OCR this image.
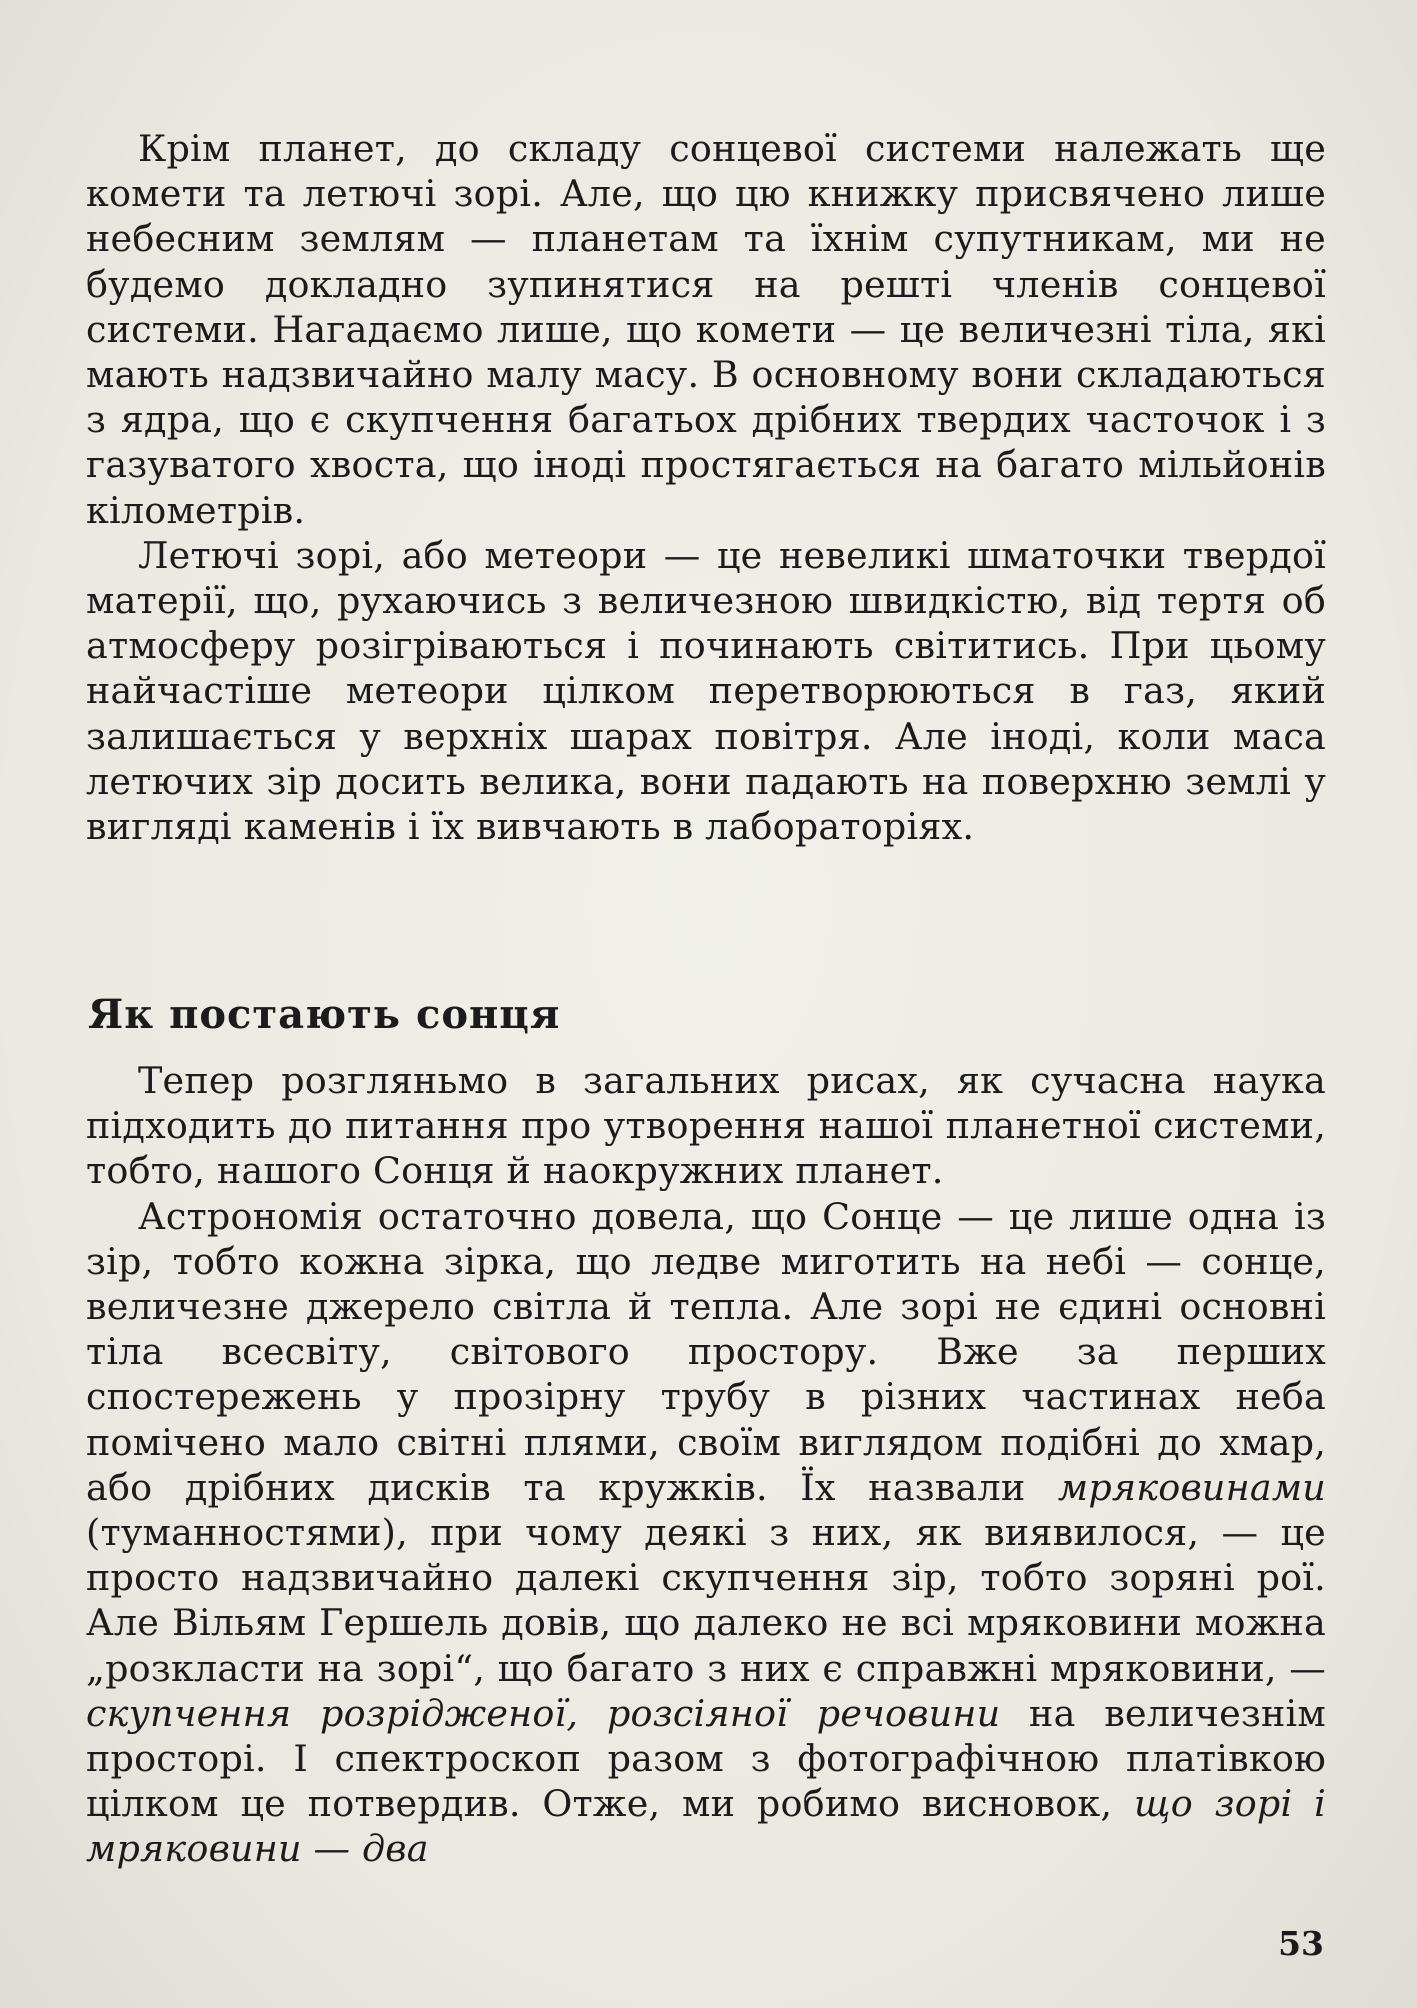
Крім планет, до складу сонцевої системи належать ще комети та летючі зорі. Але, що цю книжку присвячено лише небесним землям — планетам та їхнім супутникам, ми не будемо докладно зупинятися на решті членів сонцевої системи. Нагадаємо лише, що комети — це величезні тіла, які мають надзвичайно малу масу. В основному вони складаються з ядра, що є скупчення багатьох дрібних твердих часточок і з газуватого хвоста, що іноді простягається на багато мільйонів кілометрів.

Летючі зорі, або метеори — це невеликі шматочки твердої матерії, що, рухаючись з величезною швидкістю, від тертя об атмосферу розігріваються і починають світитись. При цьому найчастіше метеори цілком перетворюються в газ, який залишається у верхніх шарах повітря. Але іноді, коли маса летючих зір досить велика, вони падають на поверхню землі у вигляді каменів і їх вивчають в лабораторіях.

Як постають сонця

Тепер розгляньмо в загальних рисах, як сучасна наука підходить до питання про утворення нашої планетної системи, тобто, нашого Сонця й наокружних планет.

Астрономія остаточно довела, що Сонце — це лише одна із зір, тобто кожна зірка, що ледве миготить на небі — сонце, величезне джерело світла й тепла. Але зорі не єдині основні тіла всесвіту, світового простору. Вже за перших спостережень у прозірну трубу в різних частинах неба помічено мало світні плями, своїм виглядом подібні до хмар, або дрібних дисків та кружків. Їх назвали мряковинами (туманностями), при чому деякі з них, як виявилося, — це просто надзвичайно далекі скупчення зір, тобто зоряні рої. Але Вільям Гершель довів, що далеко не всі мряковини можна „розкласти на зорі“, що багато з них є справжні мряковини, — скупчення розрідженої, розсіяної речовини на величезнім просторі. І спектроскоп разом з фотографічною платівкою цілком це потвердив. Отже, ми робимо висновок, що зорі і мряковини — два

53
